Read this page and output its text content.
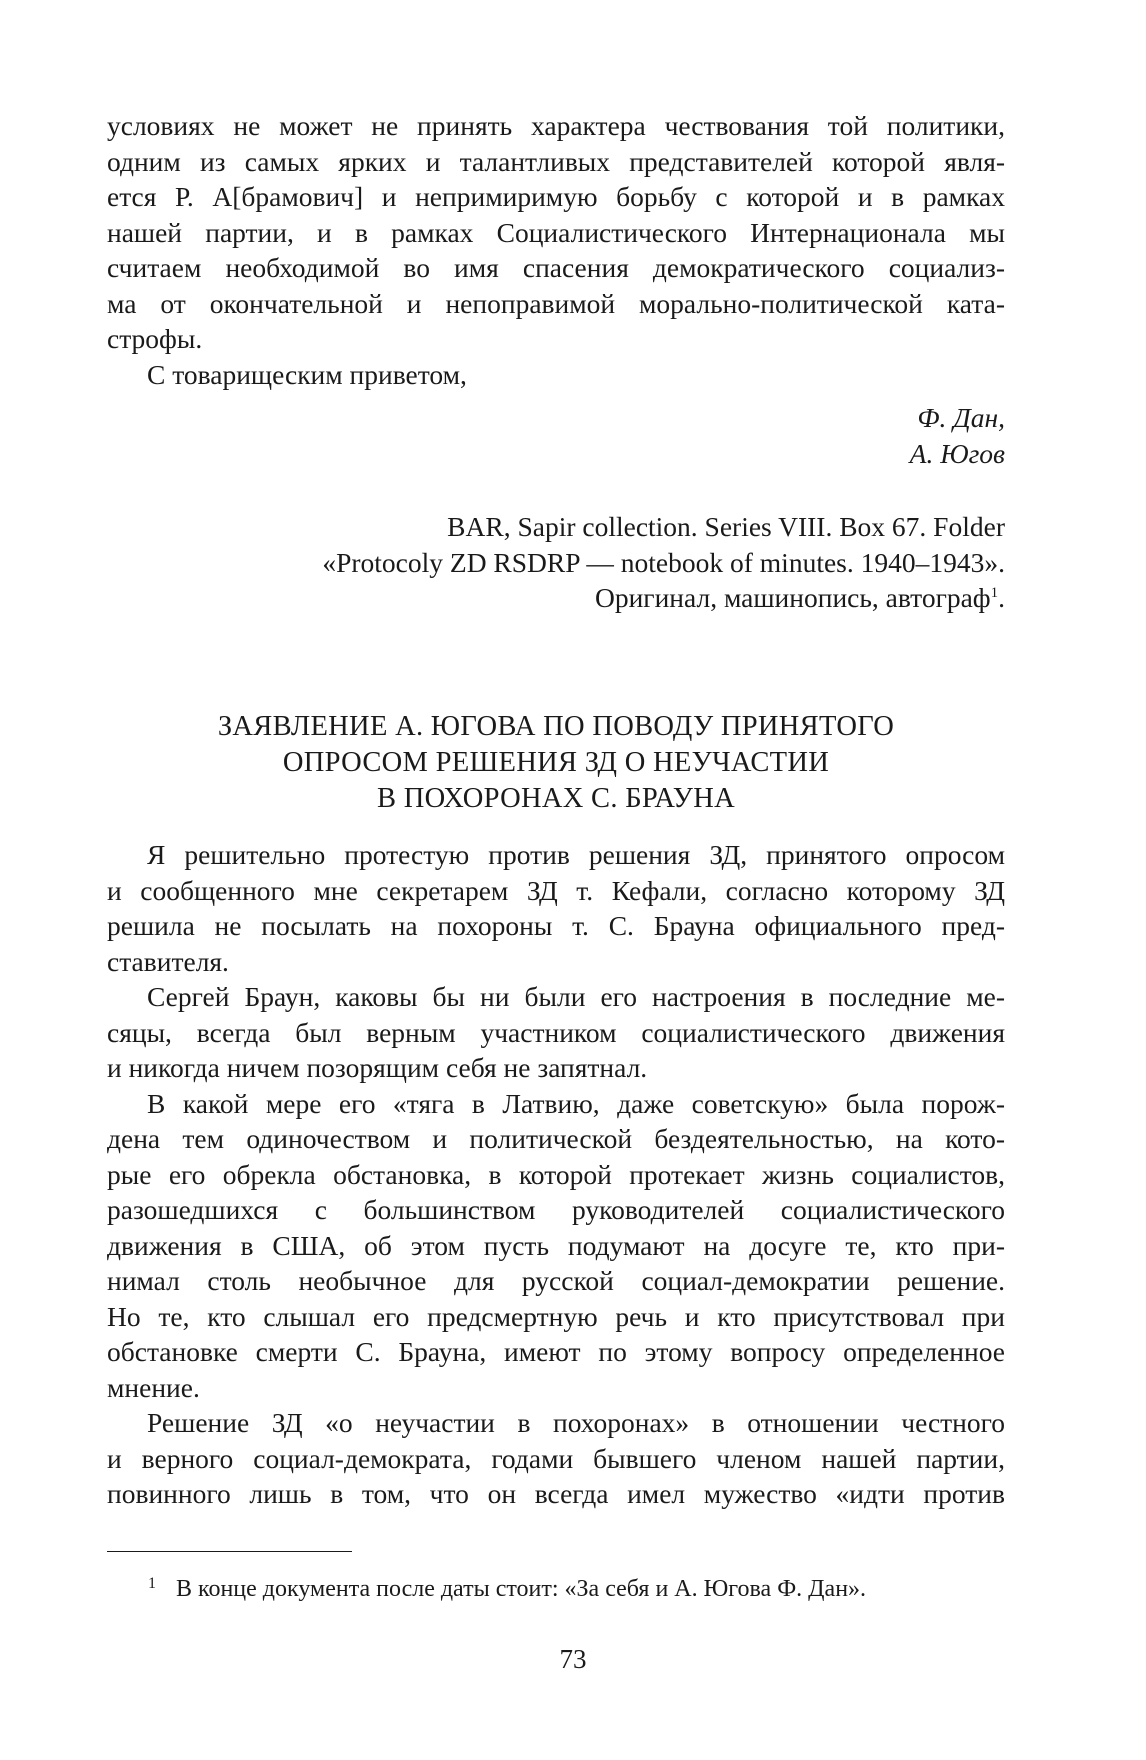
условиях не может не принять характера чествования той политики,
одним из самых ярких и талантливых представителей которой явля-
ется Р. А[брамович] и непримиримую борьбу с которой и в рамках
нашей партии, и в рамках Социалистического Интернационала мы
считаем необходимой во имя спасения демократического социализ-
ма от окончательной и непоправимой морально-политической ката-
строфы.
С товарищеским приветом,
Ф. Дан,
А. Югов
BAR, Sapir collection. Series VIII. Box 67. Folder
«Protocoly ZD RSDRP — notebook of minutes. 1940–1943».
Оригинал, машинопись, автограф$^1$.
ЗАЯВЛЕНИЕ А. ЮГОВА ПО ПОВОДУ ПРИНЯТОГО
ОПРОСОМ РЕШЕНИЯ ЗД О НЕУЧАСТИИ
В ПОХОРОНАХ С. БРАУНА
Я решительно протестую против решения ЗД, принятого опросом
и сообщенного мне секретарем ЗД т. Кефали, согласно которому ЗД
решила не посылать на похороны т. С. Брауна официального пред-
ставителя.
Сергей Браун, каковы бы ни были его настроения в последние ме-
сяцы, всегда был верным участником социалистического движения
и никогда ничем позорящим себя не запятнал.
В какой мере его «тяга в Латвию, даже советскую» была порож-
дена тем одиночеством и политической бездеятельностью, на кото-
рые его обрекла обстановка, в которой протекает жизнь социалистов,
разошедшихся с большинством руководителей социалистического
движения в США, об этом пусть подумают на досуге те, кто при-
нимал столь необычное для русской социал-демократии решение.
Но те, кто слышал его предсмертную речь и кто присутствовал при
обстановке смерти С. Брауна, имеют по этому вопросу определенное
мнение.
Решение ЗД «о неучастии в похоронах» в отношении честного
и верного социал-демократа, годами бывшего членом нашей партии,
повинного лишь в том, что он всегда имел мужество «идти против
1 В конце документа после даты стоит: «За себя и А. Югова Ф. Дан».
73
